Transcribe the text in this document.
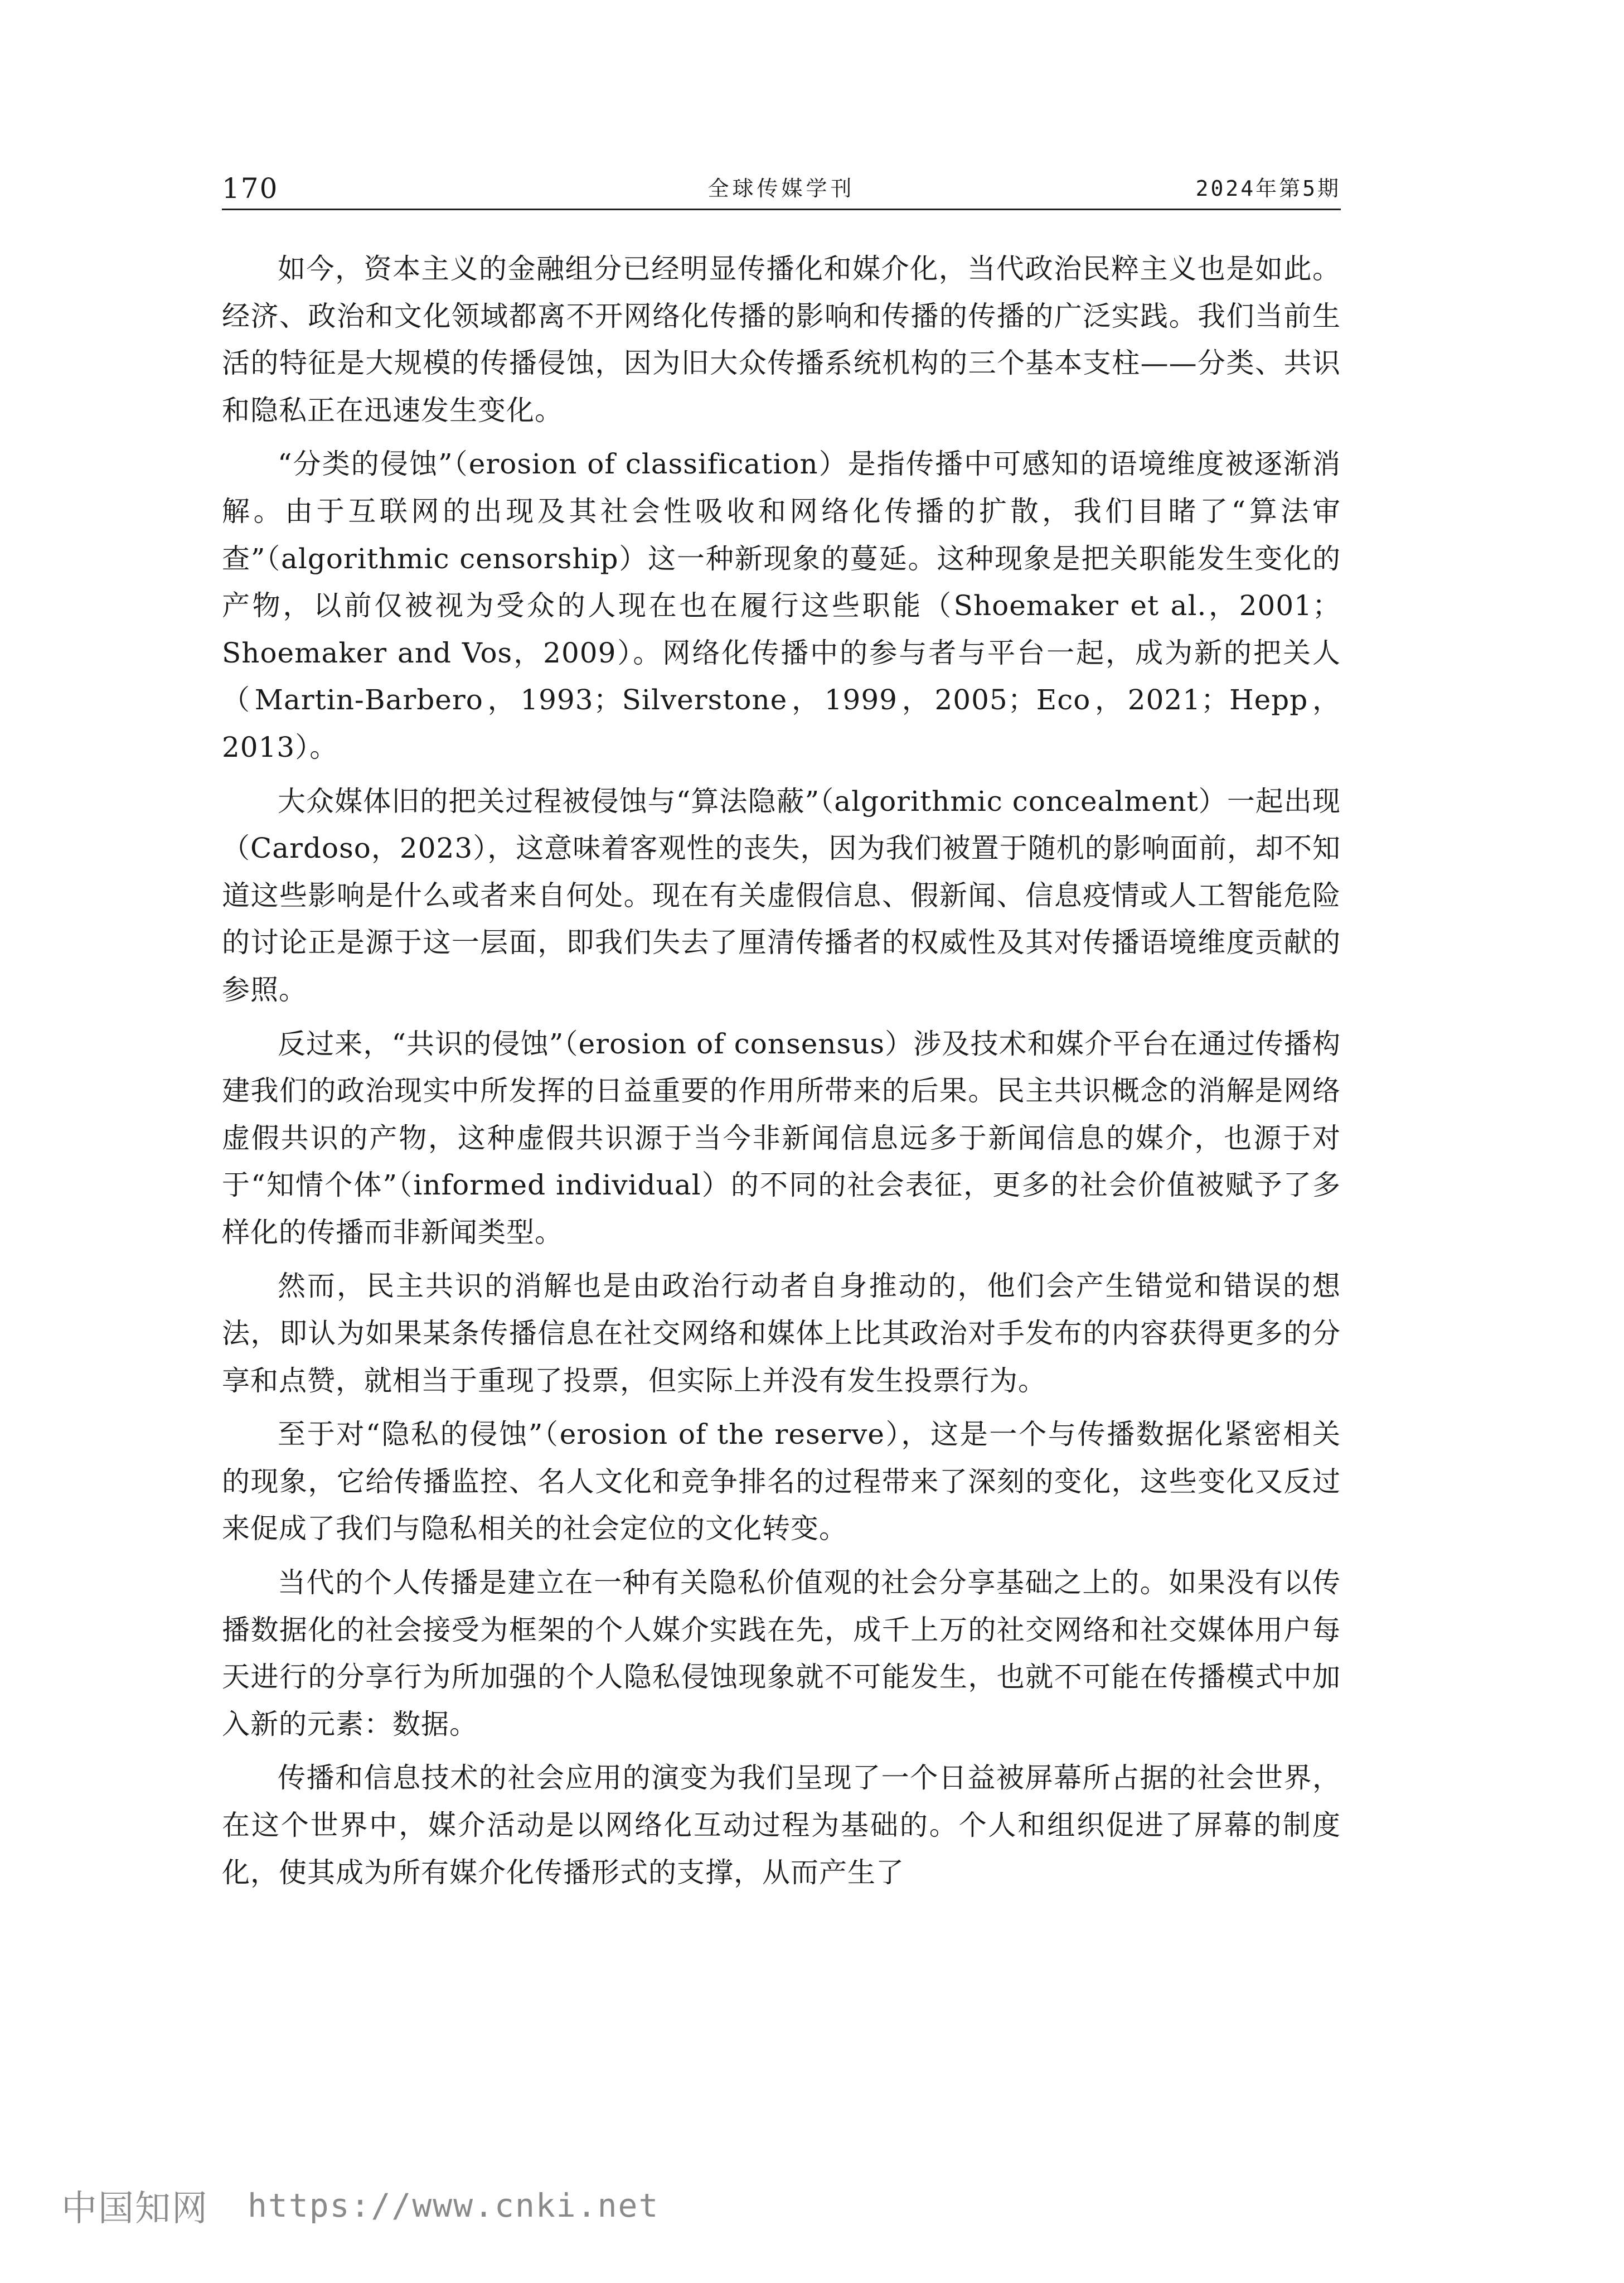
170	全球传媒学刊	2024年第5期

如今，资本主义的金融组分已经明显传播化和媒介化，当代政治民粹主义也是如此。经济、政治和文化领域都离不开网络化传播的影响和传播的传播的广泛实践。我们当前生活的特征是大规模的传播侵蚀，因为旧大众传播系统机构的三个基本支柱——分类、共识和隐私正在迅速发生变化。

“分类的侵蚀”（erosion of classification）是指传播中可感知的语境维度被逐渐消解。由于互联网的出现及其社会性吸收和网络化传播的扩散，我们目睹了“算法审查”（algorithmic censorship）这一种新现象的蔓延。这种现象是把关职能发生变化的产物，以前仅被视为受众的人现在也在履行这些职能（Shoemaker et al.，2001；Shoemaker and Vos，2009）。网络化传播中的参与者与平台一起，成为新的把关人（Martin-Barbero，1993；Silverstone，1999，2005；Eco，2021；Hepp，2013）。

大众媒体旧的把关过程被侵蚀与“算法隐蔽”（algorithmic concealment）一起出现（Cardoso，2023），这意味着客观性的丧失，因为我们被置于随机的影响面前，却不知道这些影响是什么或者来自何处。现在有关虚假信息、假新闻、信息疫情或人工智能危险的讨论正是源于这一层面，即我们失去了厘清传播者的权威性及其对传播语境维度贡献的参照。

反过来，“共识的侵蚀”（erosion of consensus）涉及技术和媒介平台在通过传播构建我们的政治现实中所发挥的日益重要的作用所带来的后果。民主共识概念的消解是网络虚假共识的产物，这种虚假共识源于当今非新闻信息远多于新闻信息的媒介，也源于对于“知情个体”（informed individual）的不同的社会表征，更多的社会价值被赋予了多样化的传播而非新闻类型。

然而，民主共识的消解也是由政治行动者自身推动的，他们会产生错觉和错误的想法，即认为如果某条传播信息在社交网络和媒体上比其政治对手发布的内容获得更多的分享和点赞，就相当于重现了投票，但实际上并没有发生投票行为。

至于对“隐私的侵蚀”（erosion of the reserve），这是一个与传播数据化紧密相关的现象，它给传播监控、名人文化和竞争排名的过程带来了深刻的变化，这些变化又反过来促成了我们与隐私相关的社会定位的文化转变。

当代的个人传播是建立在一种有关隐私价值观的社会分享基础之上的。如果没有以传播数据化的社会接受为框架的个人媒介实践在先，成千上万的社交网络和社交媒体用户每天进行的分享行为所加强的个人隐私侵蚀现象就不可能发生，也就不可能在传播模式中加入新的元素：数据。

传播和信息技术的社会应用的演变为我们呈现了一个日益被屏幕所占据的社会世界，在这个世界中，媒介活动是以网络化互动过程为基础的。个人和组织促进了屏幕的制度化，使其成为所有媒介化传播形式的支撑，从而产生了

中国知网 https://www.cnki.net
